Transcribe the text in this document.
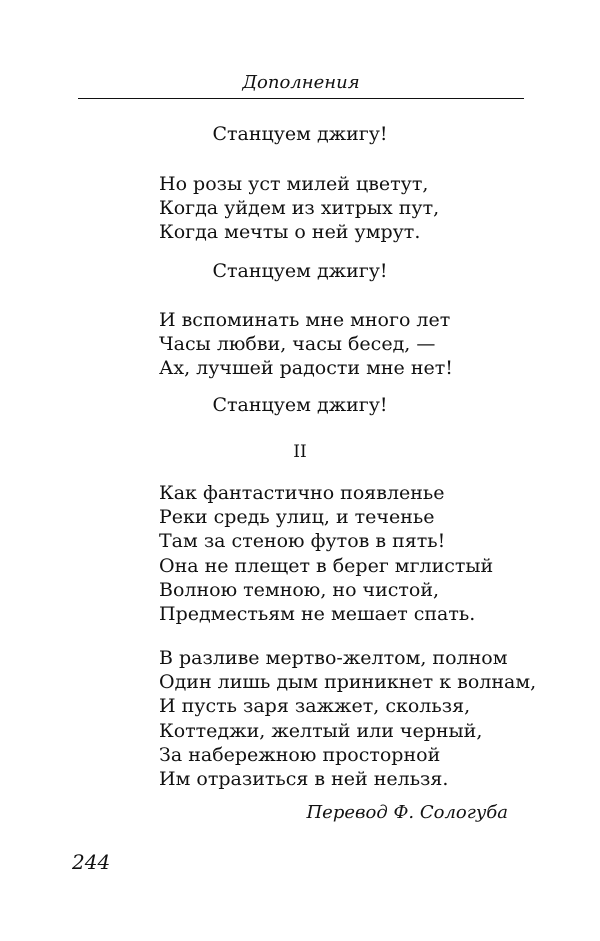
Дополнения
Станцуем джигу!
Но розы уст милей цветут,
Когда уйдем из хитрых пут,
Когда мечты о ней умрут.
Станцуем джигу!
И вспоминать мне много лет
Часы любви, часы бесед, —
Ах, лучшей радости мне нет!
Станцуем джигу!
II
Как фантастично появленье
Реки средь улиц, и теченье
Там за стеною футов в пять!
Она не плещет в берег мглистый
Волною темною, но чистой,
Предместьям не мешает спать.
В разливе мертво-желтом, полном
Один лишь дым приникнет к волнам,
И пусть заря зажжет, скользя,
Коттеджи, желтый или черный,
За набережною просторной
Им отразиться в ней нельзя.
Перевод Ф. Сологуба
244
